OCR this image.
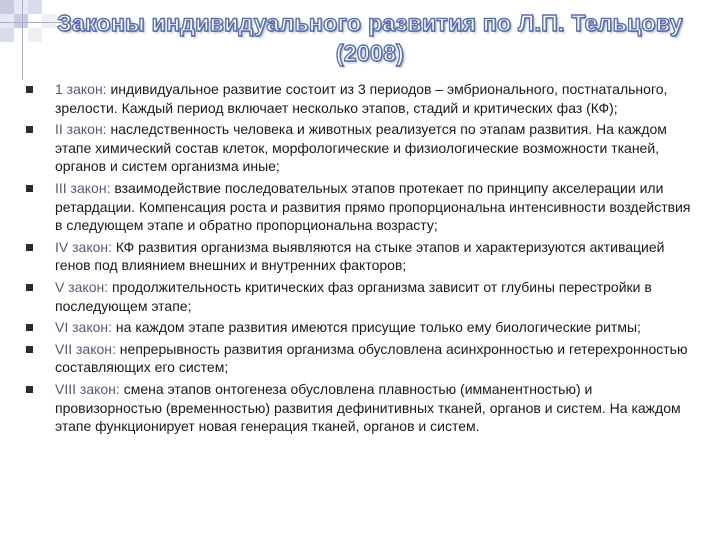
Законы индивидуального развития по Л.П. Тельцову (2008)
1 закон: индивидуальное развитие состоит из 3 периодов – эмбрионального, постнатального, зрелости. Каждый период включает несколько этапов, стадий и критических фаз (КФ);
II закон: наследственность человека и животных реализуется по этапам развития. На каждом этапе химический состав клеток, морфологические и физиологические возможности тканей, органов и систем организма иные;
III закон: взаимодействие последовательных этапов протекает по принципу акселерации или ретардации. Компенсация роста и развития прямо пропорциональна интенсивности воздействия в следующем этапе и обратно пропорциональна возрасту;
IV закон: КФ развития организма выявляются на стыке этапов и характеризуются активацией генов под влиянием внешних и внутренних факторов;
V закон: продолжительность критических фаз организма зависит от глубины перестройки в последующем этапе;
VI закон: на каждом этапе развития имеются присущие только ему биологические ритмы;
VII закон: непрерывность развития организма обусловлена асинхронностью и гетерехронностью составляющих его систем;
VIII закон: смена этапов онтогенеза обусловлена плавностью (имманентностью) и провизорностью (временностью) развития дефинитивных тканей, органов и систем. На каждом этапе функционирует новая генерация тканей, органов и систем.
